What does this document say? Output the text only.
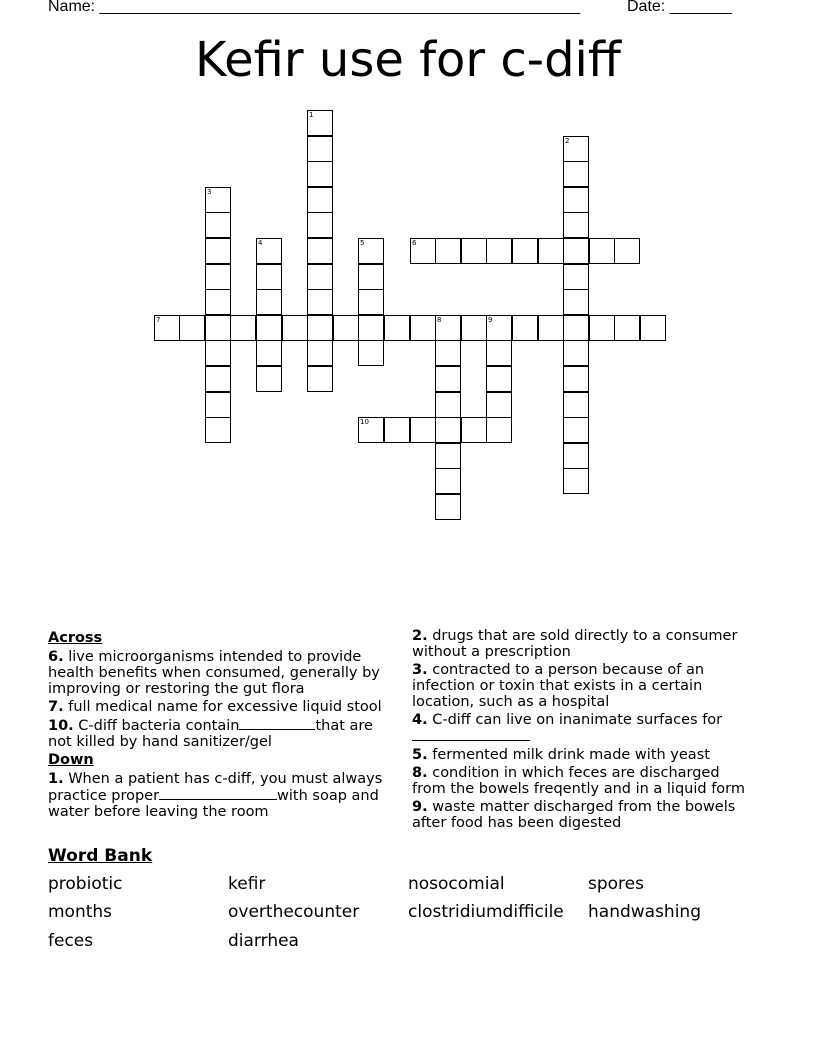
Name: ______________________________________________________	Date: _______
Kefir use for c-diff
1
2
3
4	5	6
7	8	9
10
Across
6. live microorganisms intended to provide health benefits when consumed, generally by improving or restoring the gut flora
7. full medical name for excessive liquid stool
10. C-diff bacteria contain	that are not killed by hand sanitizer/gel
Down
1. When a patient has c-diff, you must always practice proper	with soap and water before leaving the room
2. drugs that are sold directly to a consumer without a prescription
3. contracted to a person because of an infection or toxin that exists in a certain location, such as a hospital
4. C-diff can live on inanimate surfaces for

5. fermented milk drink made with yeast
8. condition in which feces are discharged from the bowels freqently and in a liquid form
9. waste matter discharged from the bowels after food has been digested
Word Bank
probiotic	kefir	nosocomial	spores
months	overthecounter	clostridiumdifficile handwashing
feces	diarrhea
